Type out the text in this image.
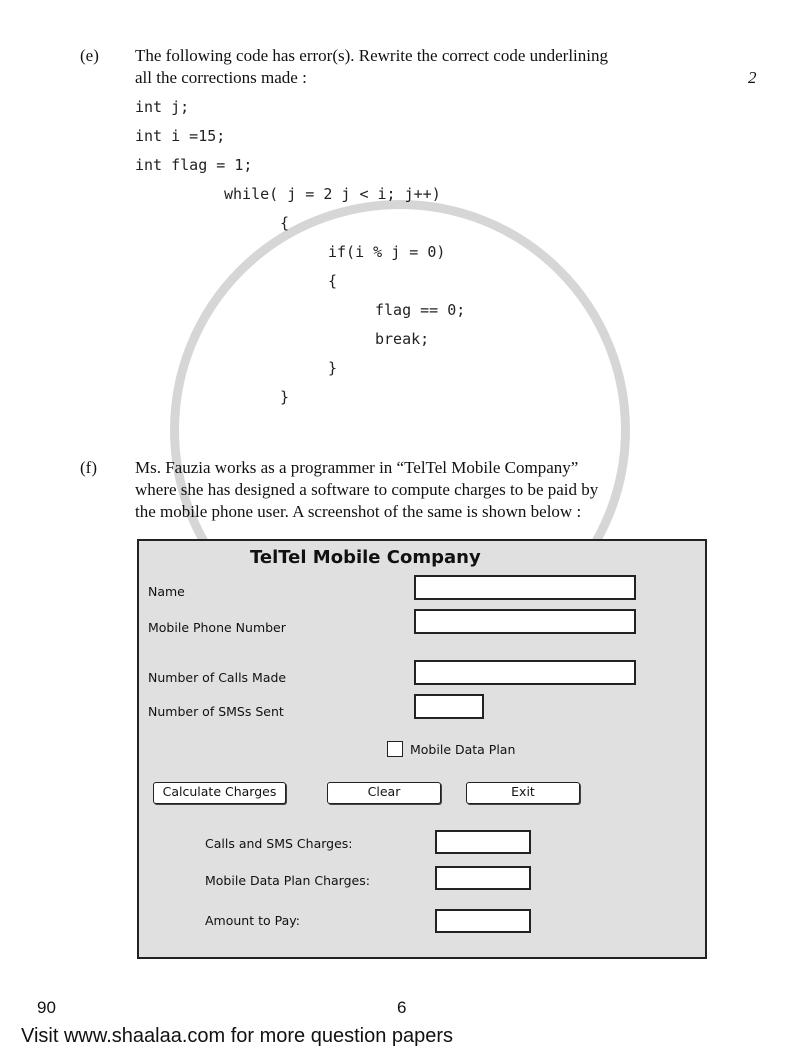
(e) The following code has error(s). Rewrite the correct code underlining
all the corrections made :	2
int j;
int i =15;
int flag = 1;
while( j = 2 j < i; j++)
{
if(i % j = 0)
{
flag == 0;
break;
}
}
(f) Ms. Fauzia works as a programmer in “TelTel Mobile Company”
where she has designed a software to compute charges to be paid by
the mobile phone user. A screenshot of the same is shown below :
TelTel Mobile Company
Name
Mobile Phone Number
Number of Calls Made
Number of SMSs Sent
Mobile Data Plan
Calculate Charges	Clear	Exit
Calls and SMS Charges:
Mobile Data Plan Charges:
Amount to Pay:
90	6
Visit www.shaalaa.com for more question papers
